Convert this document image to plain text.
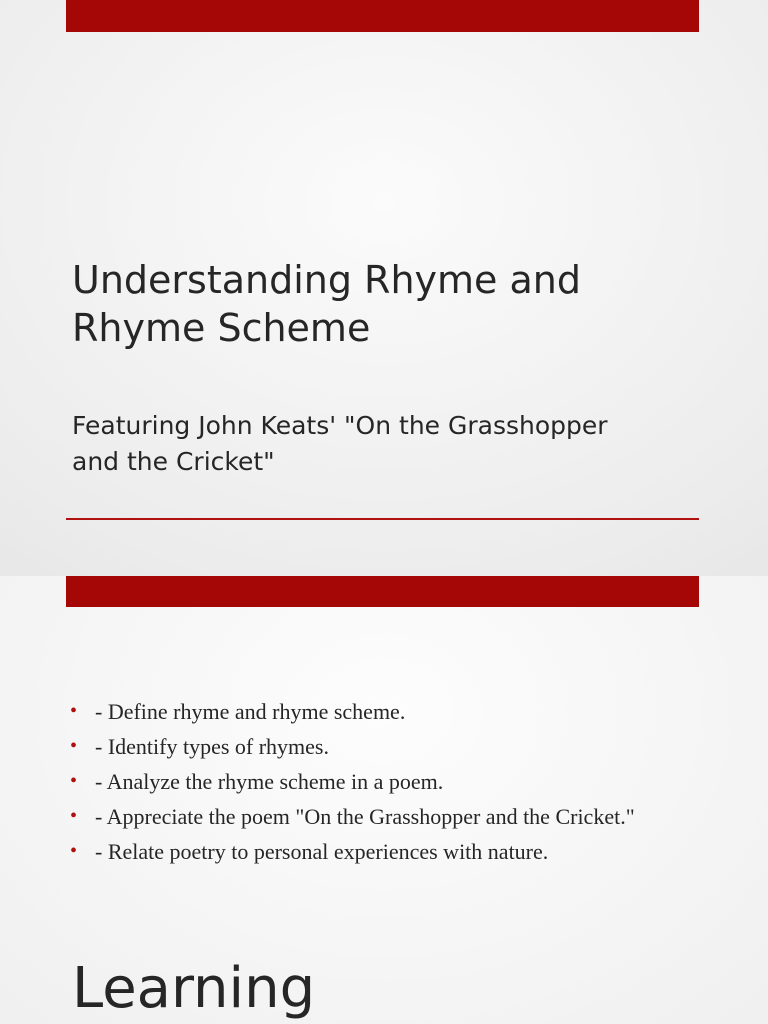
Understanding Rhyme and Rhyme Scheme
Featuring John Keats' "On the Grasshopper and the Cricket"
• - Define rhyme and rhyme scheme.
• - Identify types of rhymes.
• - Analyze the rhyme scheme in a poem.
• - Appreciate the poem "On the Grasshopper and the Cricket."
• - Relate poetry to personal experiences with nature.
Learning
